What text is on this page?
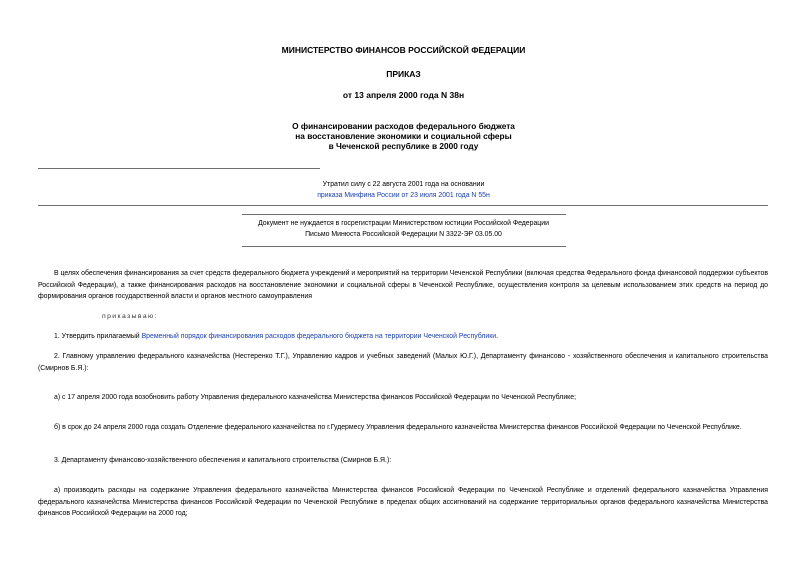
МИНИСТЕРСТВО ФИНАНСОВ РОССИЙСКОЙ ФЕДЕРАЦИИ
ПРИКАЗ
от 13 апреля 2000 года N 38н
О финансировании расходов федерального бюджета
на восстановление экономики и социальной сферы
в Чеченской республике в 2000 году
Утратил силу с 22 августа 2001 года на основании
приказа Минфина России от 23 июля 2001 года N 55н
Документ не нуждается в госрегистрации Министерством юстиции Российской Федерации
Письмо Минюста Российской Федерации N 3322-ЭР 03.05.00
В целях обеспечения финансирования за счет средств федерального бюджета учреждений и мероприятий на территории Чеченской Республики (включая средства Федерального фонда финансовой поддержки субъектов Российской Федерации), а также финансирования расходов на восстановление экономики и социальной сферы в Чеченской Республике, осуществления контроля за целевым использованием этих средств на период до формирования органов государственной власти и органов местного самоуправления
приказываю:
1. Утвердить прилагаемый Временный порядок финансирования расходов федерального бюджета на территории Чеченской Республики.
2. Главному управлению федерального казначейства (Нестеренко Т.Г.), Управлению кадров и учебных заведений (Малых Ю.Г.), Департаменту финансово - хозяйственного обеспечения и капитального строительства (Смирнов Б.Я.):
а) с 17 апреля 2000 года возобновить работу Управления федерального казначейства Министерства финансов Российской Федерации по Чеченской Республике;
б) в срок до 24 апреля 2000 года создать Отделение федерального казначейства по г.Гудермесу Управления федерального казначейства Министерства финансов Российской Федерации по Чеченской Республике.
3. Департаменту финансово-хозяйственного обеспечения и капитального строительства (Смирнов Б.Я.):
а) производить расходы на содержание Управления федерального казначейства Министерства финансов Российской Федерации по Чеченской Республике и отделений федерального казначейства Управления федерального казначейства Министерства финансов Российской Федерации по Чеченской Республике в пределах общих ассигнований на содержание территориальных органов федерального казначейства Министерства финансов Российской Федерации на 2000 год;
